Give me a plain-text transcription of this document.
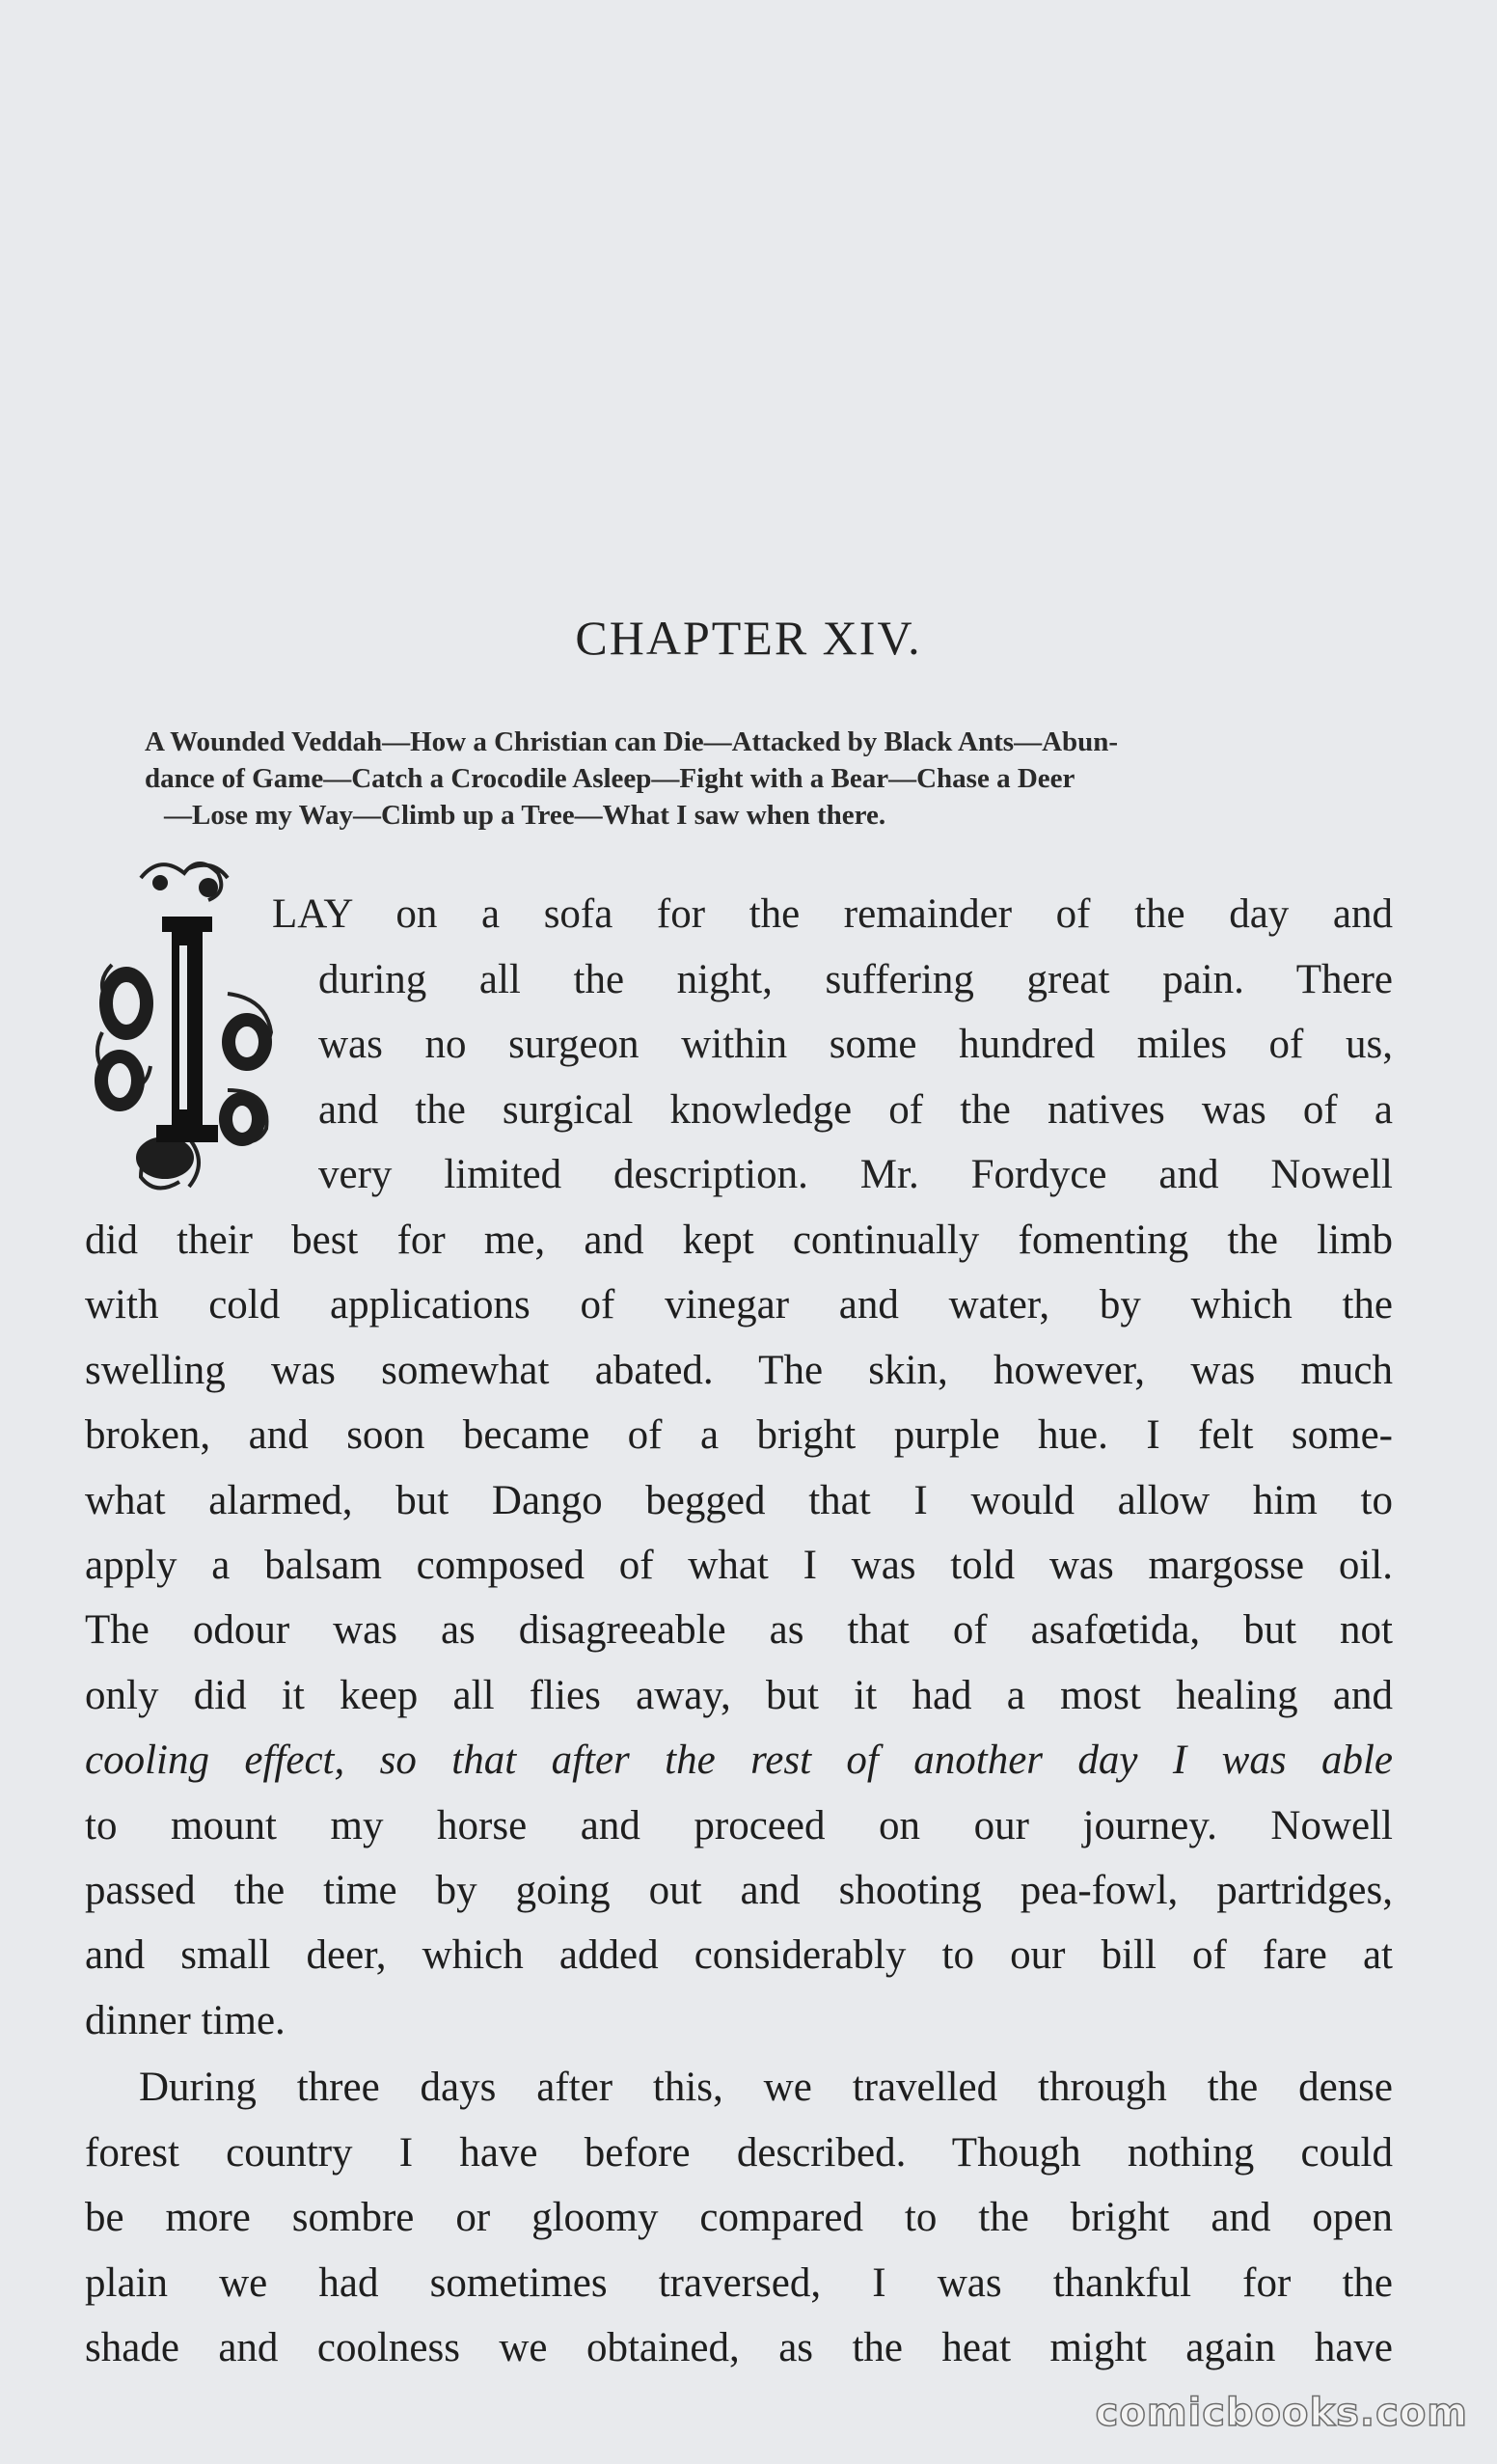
CHAPTER XIV.
A Wounded Veddah—How a Christian can Die—Attacked by Black Ants—Abun-
dance of Game—Catch a Crocodile Asleep—Fight with a Bear—Chase a Deer
—Lose my Way—Climb up a Tree—What I saw when there.
LAY on a sofa for the remainder of the day and
during all the night, suffering great pain. There
was no surgeon within some hundred miles of us,
and the surgical knowledge of the natives was of a
very limited description. Mr. Fordyce and Nowell
did their best for me, and kept continually fomenting the limb
with cold applications of vinegar and water, by which the
swelling was somewhat abated. The skin, however, was much
broken, and soon became of a bright purple hue. I felt some-
what alarmed, but Dango begged that I would allow him to
apply a balsam composed of what I was told was margosse oil.
The odour was as disagreeable as that of asafœtida, but not
only did it keep all flies away, but it had a most healing and
cooling effect, so that after the rest of another day I was able
to mount my horse and proceed on our journey. Nowell
passed the time by going out and shooting pea-fowl, partridges,
and small deer, which added considerably to our bill of fare at
dinner time.
During three days after this, we travelled through the dense
forest country I have before described. Though nothing could
be more sombre or gloomy compared to the bright and open
plain we had sometimes traversed, I was thankful for the
shade and coolness we obtained, as the heat might again have
comicbooks.com
